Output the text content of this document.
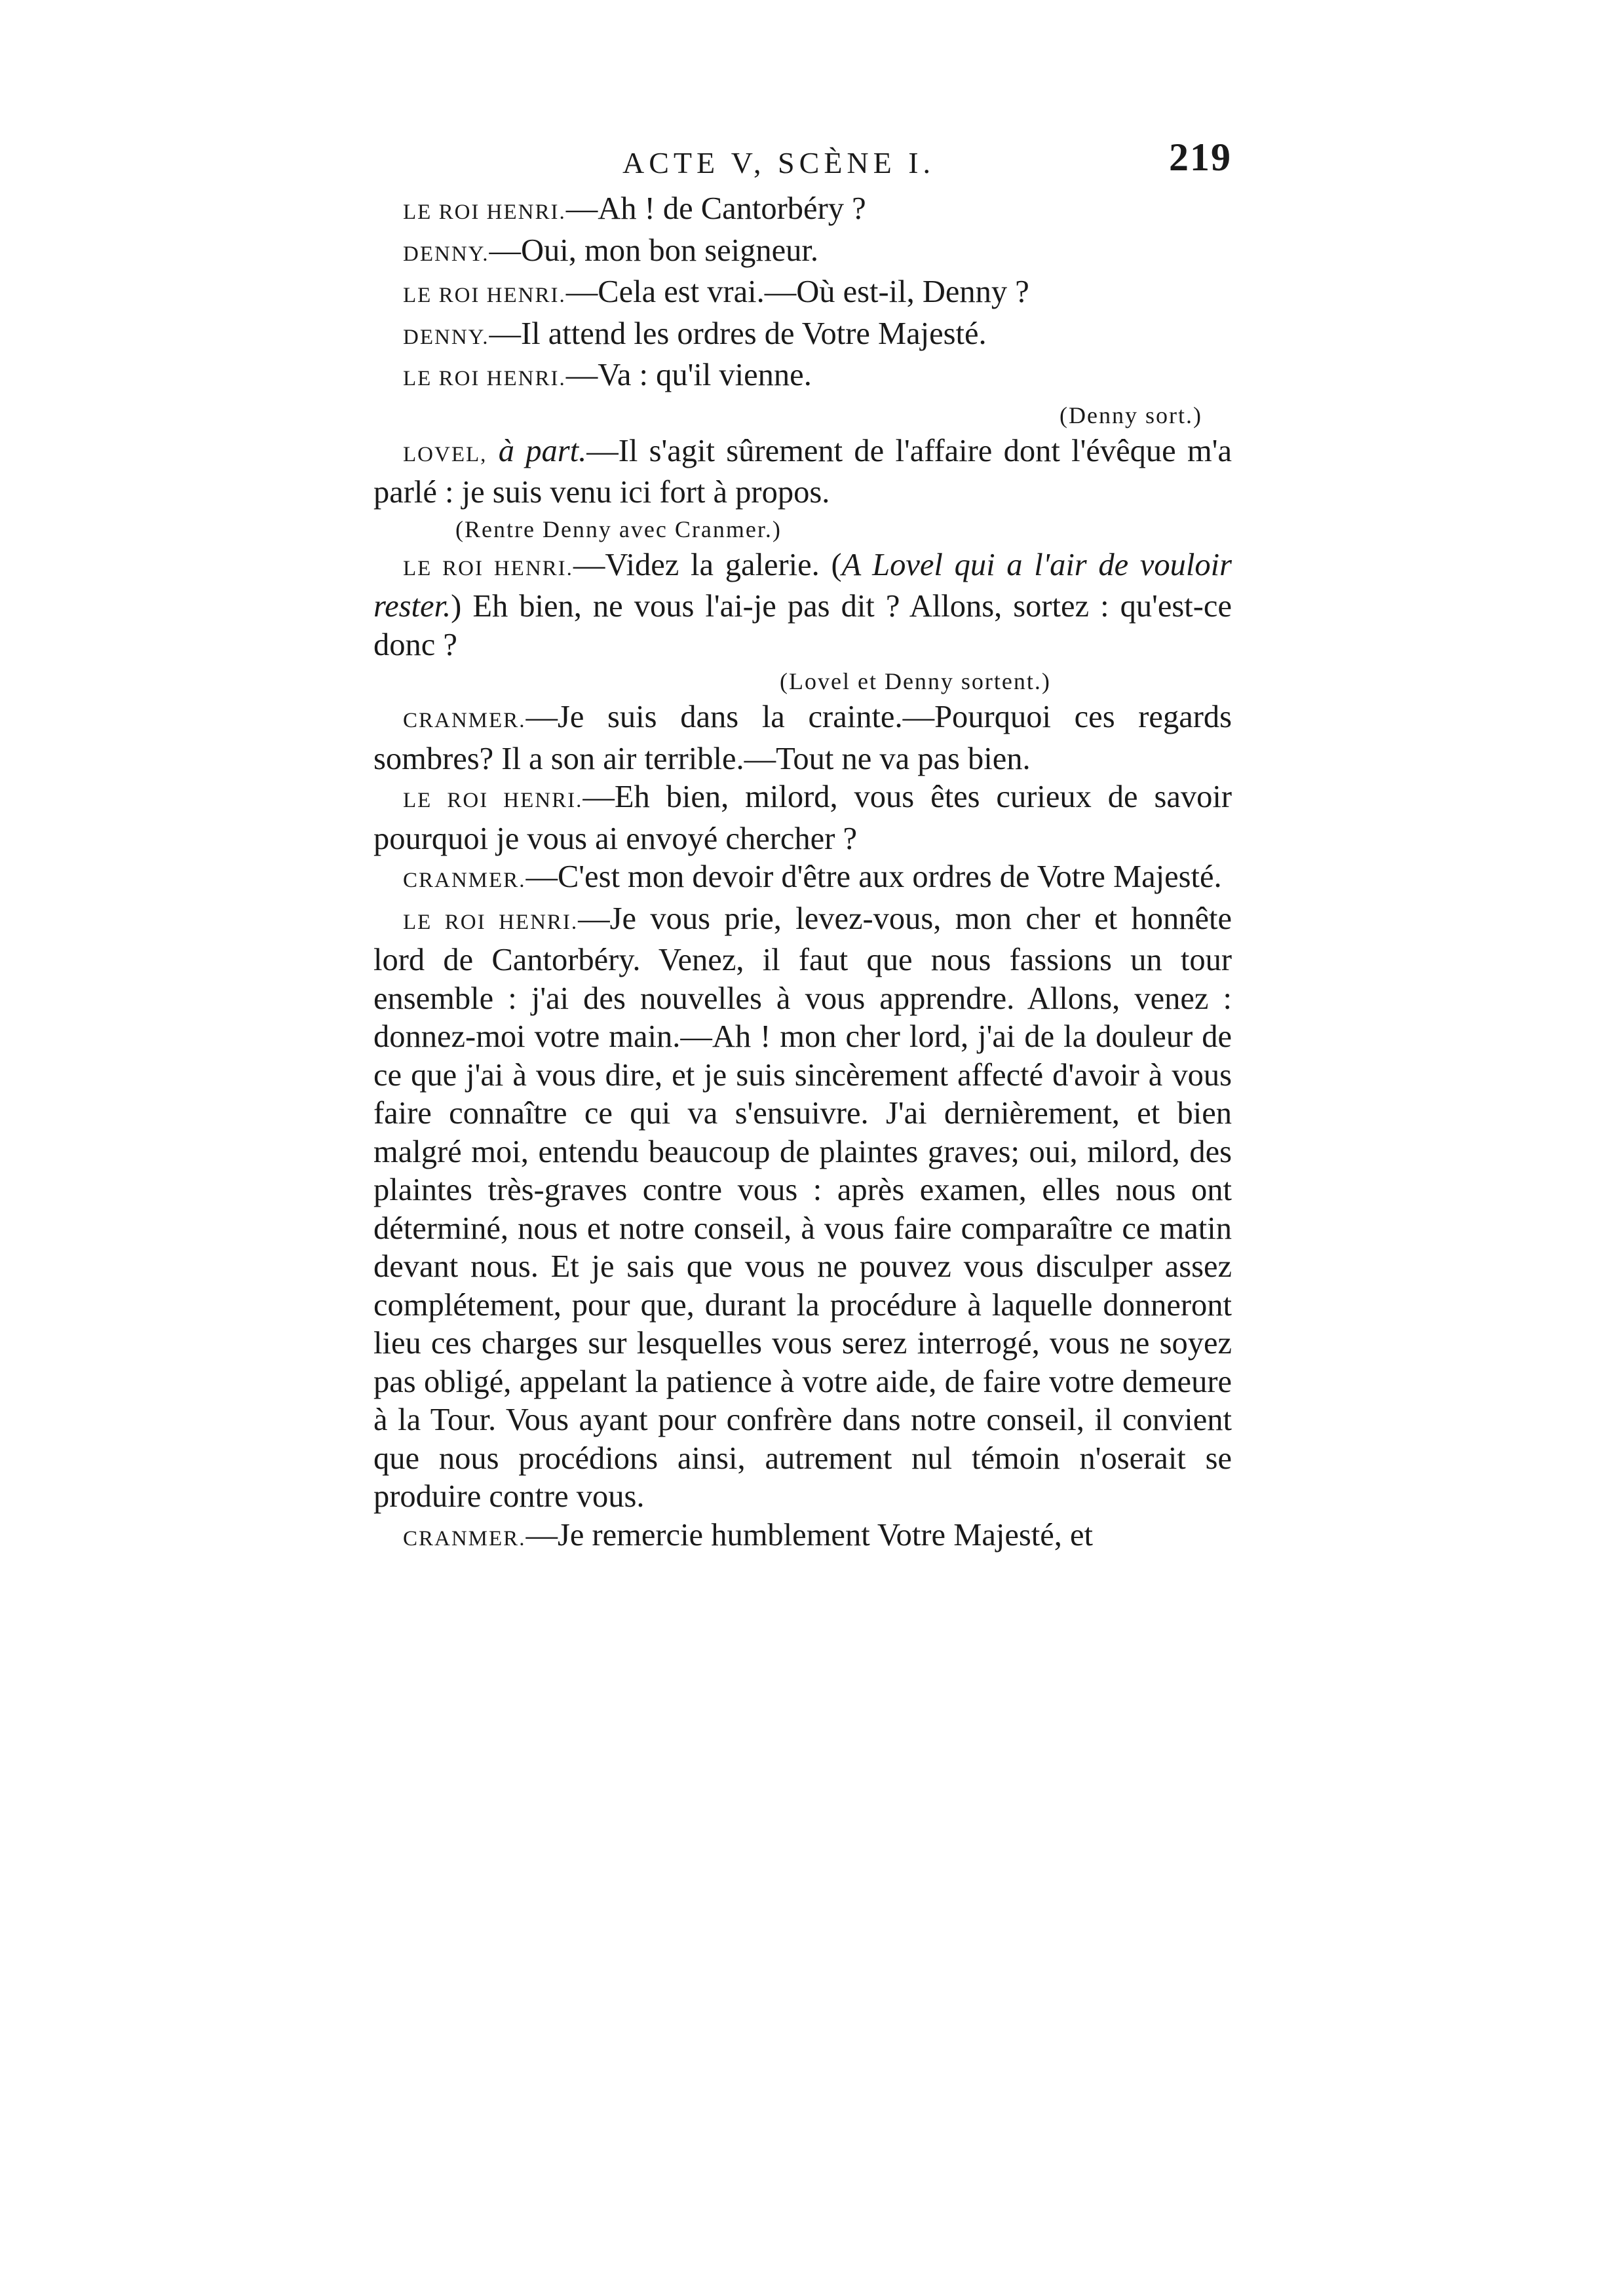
ACTE V, SCÈNE I.	219

LE ROI HENRI.—Ah ! de Cantorbéry ?

DENNY.—Oui, mon bon seigneur.

LE ROI HENRI.—Cela est vrai.—Où est-il, Denny ?

DENNY.—Il attend les ordres de Votre Majesté.

LE ROI HENRI.—Va : qu'il vienne.

(Denny sort.)

LOVEL, à part.—Il s'agit sûrement de l'affaire dont l'évêque m'a parlé : je suis venu ici fort à propos.

(Rentre Denny avec Cranmer.)

LE ROI HENRI.—Videz la galerie. (A Lovel qui a l'air de vouloir rester.) Eh bien, ne vous l'ai-je pas dit ? Allons, sortez : qu'est-ce donc ?

(Lovel et Denny sortent.)

CRANMER.—Je suis dans la crainte.—Pourquoi ces regards sombres? Il a son air terrible.—Tout ne va pas bien.

LE ROI HENRI.—Eh bien, milord, vous êtes curieux de savoir pourquoi je vous ai envoyé chercher ?

CRANMER.—C'est mon devoir d'être aux ordres de Votre Majesté.

LE ROI HENRI.—Je vous prie, levez-vous, mon cher et honnête lord de Cantorbéry. Venez, il faut que nous fassions un tour ensemble : j'ai des nouvelles à vous apprendre. Allons, venez : donnez-moi votre main.—Ah ! mon cher lord, j'ai de la douleur de ce que j'ai à vous dire, et je suis sincèrement affecté d'avoir à vous faire connaître ce qui va s'ensuivre. J'ai dernièrement, et bien malgré moi, entendu beaucoup de plaintes graves; oui, milord, des plaintes très-graves contre vous : après examen, elles nous ont déterminé, nous et notre conseil, à vous faire comparaître ce matin devant nous. Et je sais que vous ne pouvez vous disculper assez complétement, pour que, durant la procédure à laquelle donneront lieu ces charges sur lesquelles vous serez interrogé, vous ne soyez pas obligé, appelant la patience à votre aide, de faire votre demeure à la Tour. Vous ayant pour confrère dans notre conseil, il convient que nous procédions ainsi, autrement nul témoin n'oserait se produire contre vous.

CRANMER.—Je remercie humblement Votre Majesté, et
